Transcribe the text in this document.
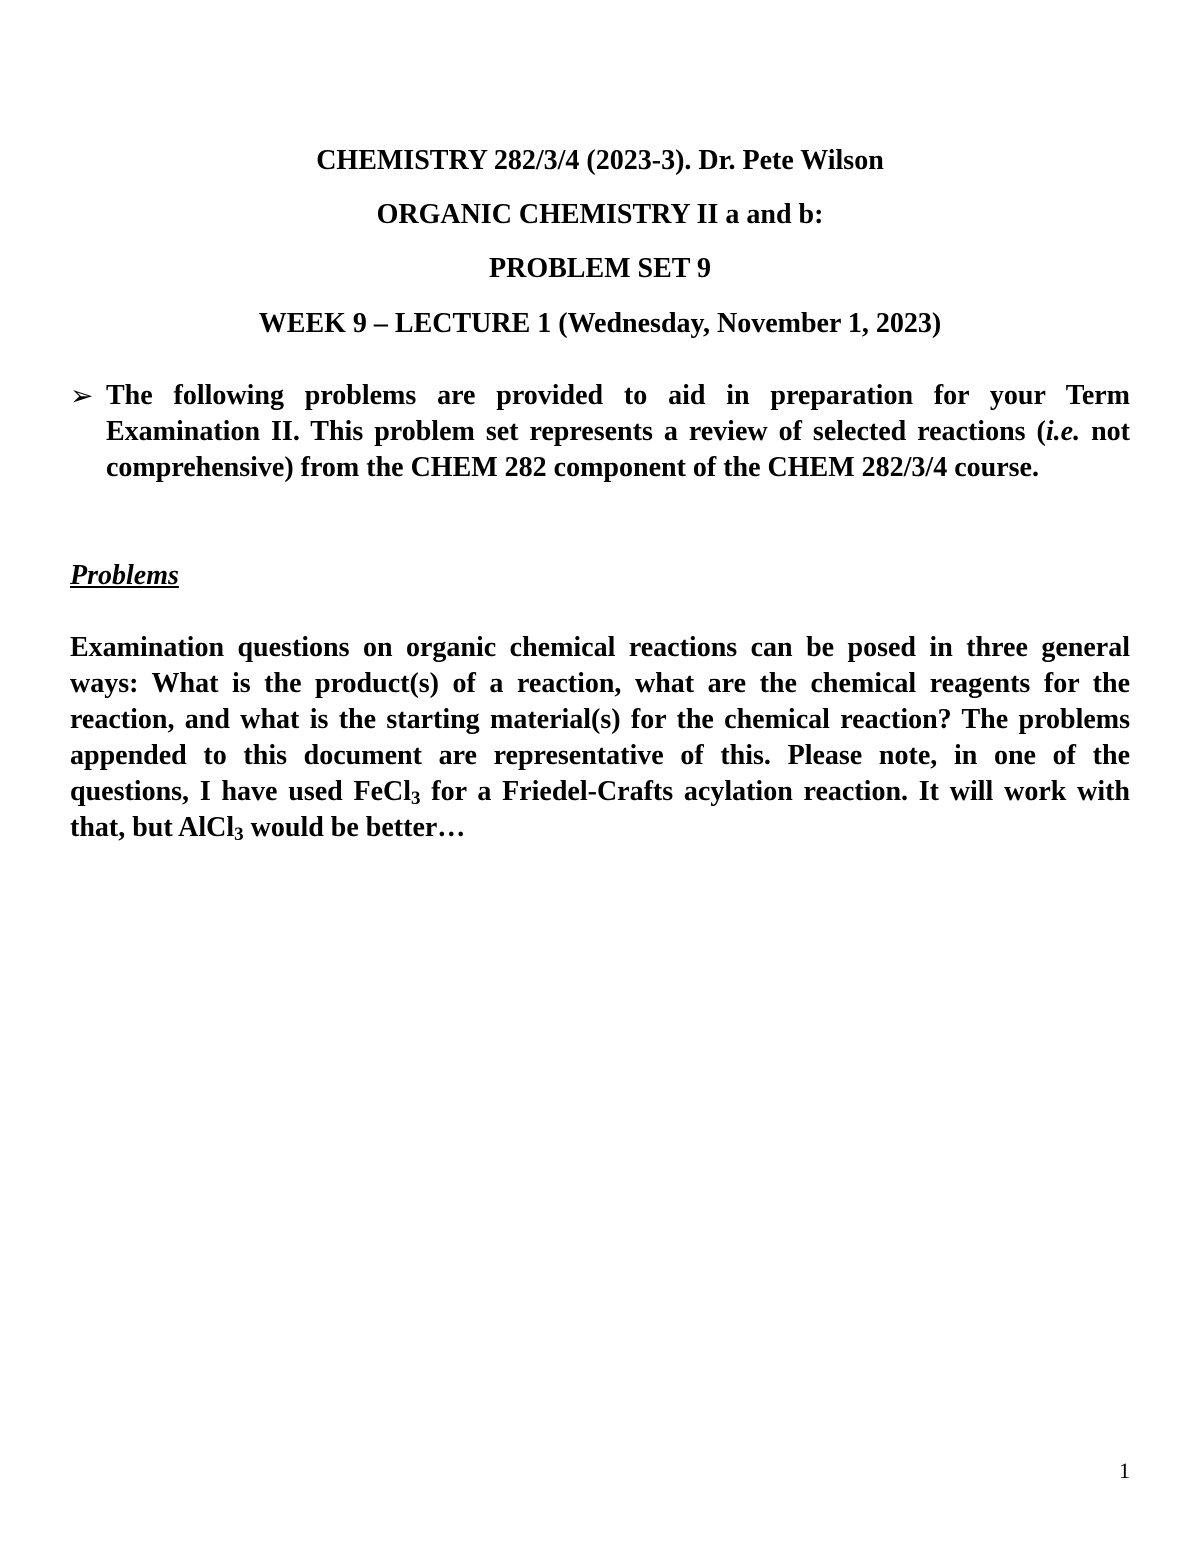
CHEMISTRY 282/3/4 (2023-3). Dr. Pete Wilson
ORGANIC CHEMISTRY II a and b:
PROBLEM SET 9
WEEK 9 – LECTURE 1 (Wednesday, November 1, 2023)
➢ The following problems are provided to aid in preparation for your Term Examination II. This problem set represents a review of selected reactions (i.e. not comprehensive) from the CHEM 282 component of the CHEM 282/3/4 course.
Problems
Examination questions on organic chemical reactions can be posed in three general ways: What is the product(s) of a reaction, what are the chemical reagents for the reaction, and what is the starting material(s) for the chemical reaction? The problems appended to this document are representative of this. Please note, in one of the questions, I have used FeCl$_3$ for a Friedel-Crafts acylation reaction. It will work with that, but AlCl$_3$ would be better…
1
